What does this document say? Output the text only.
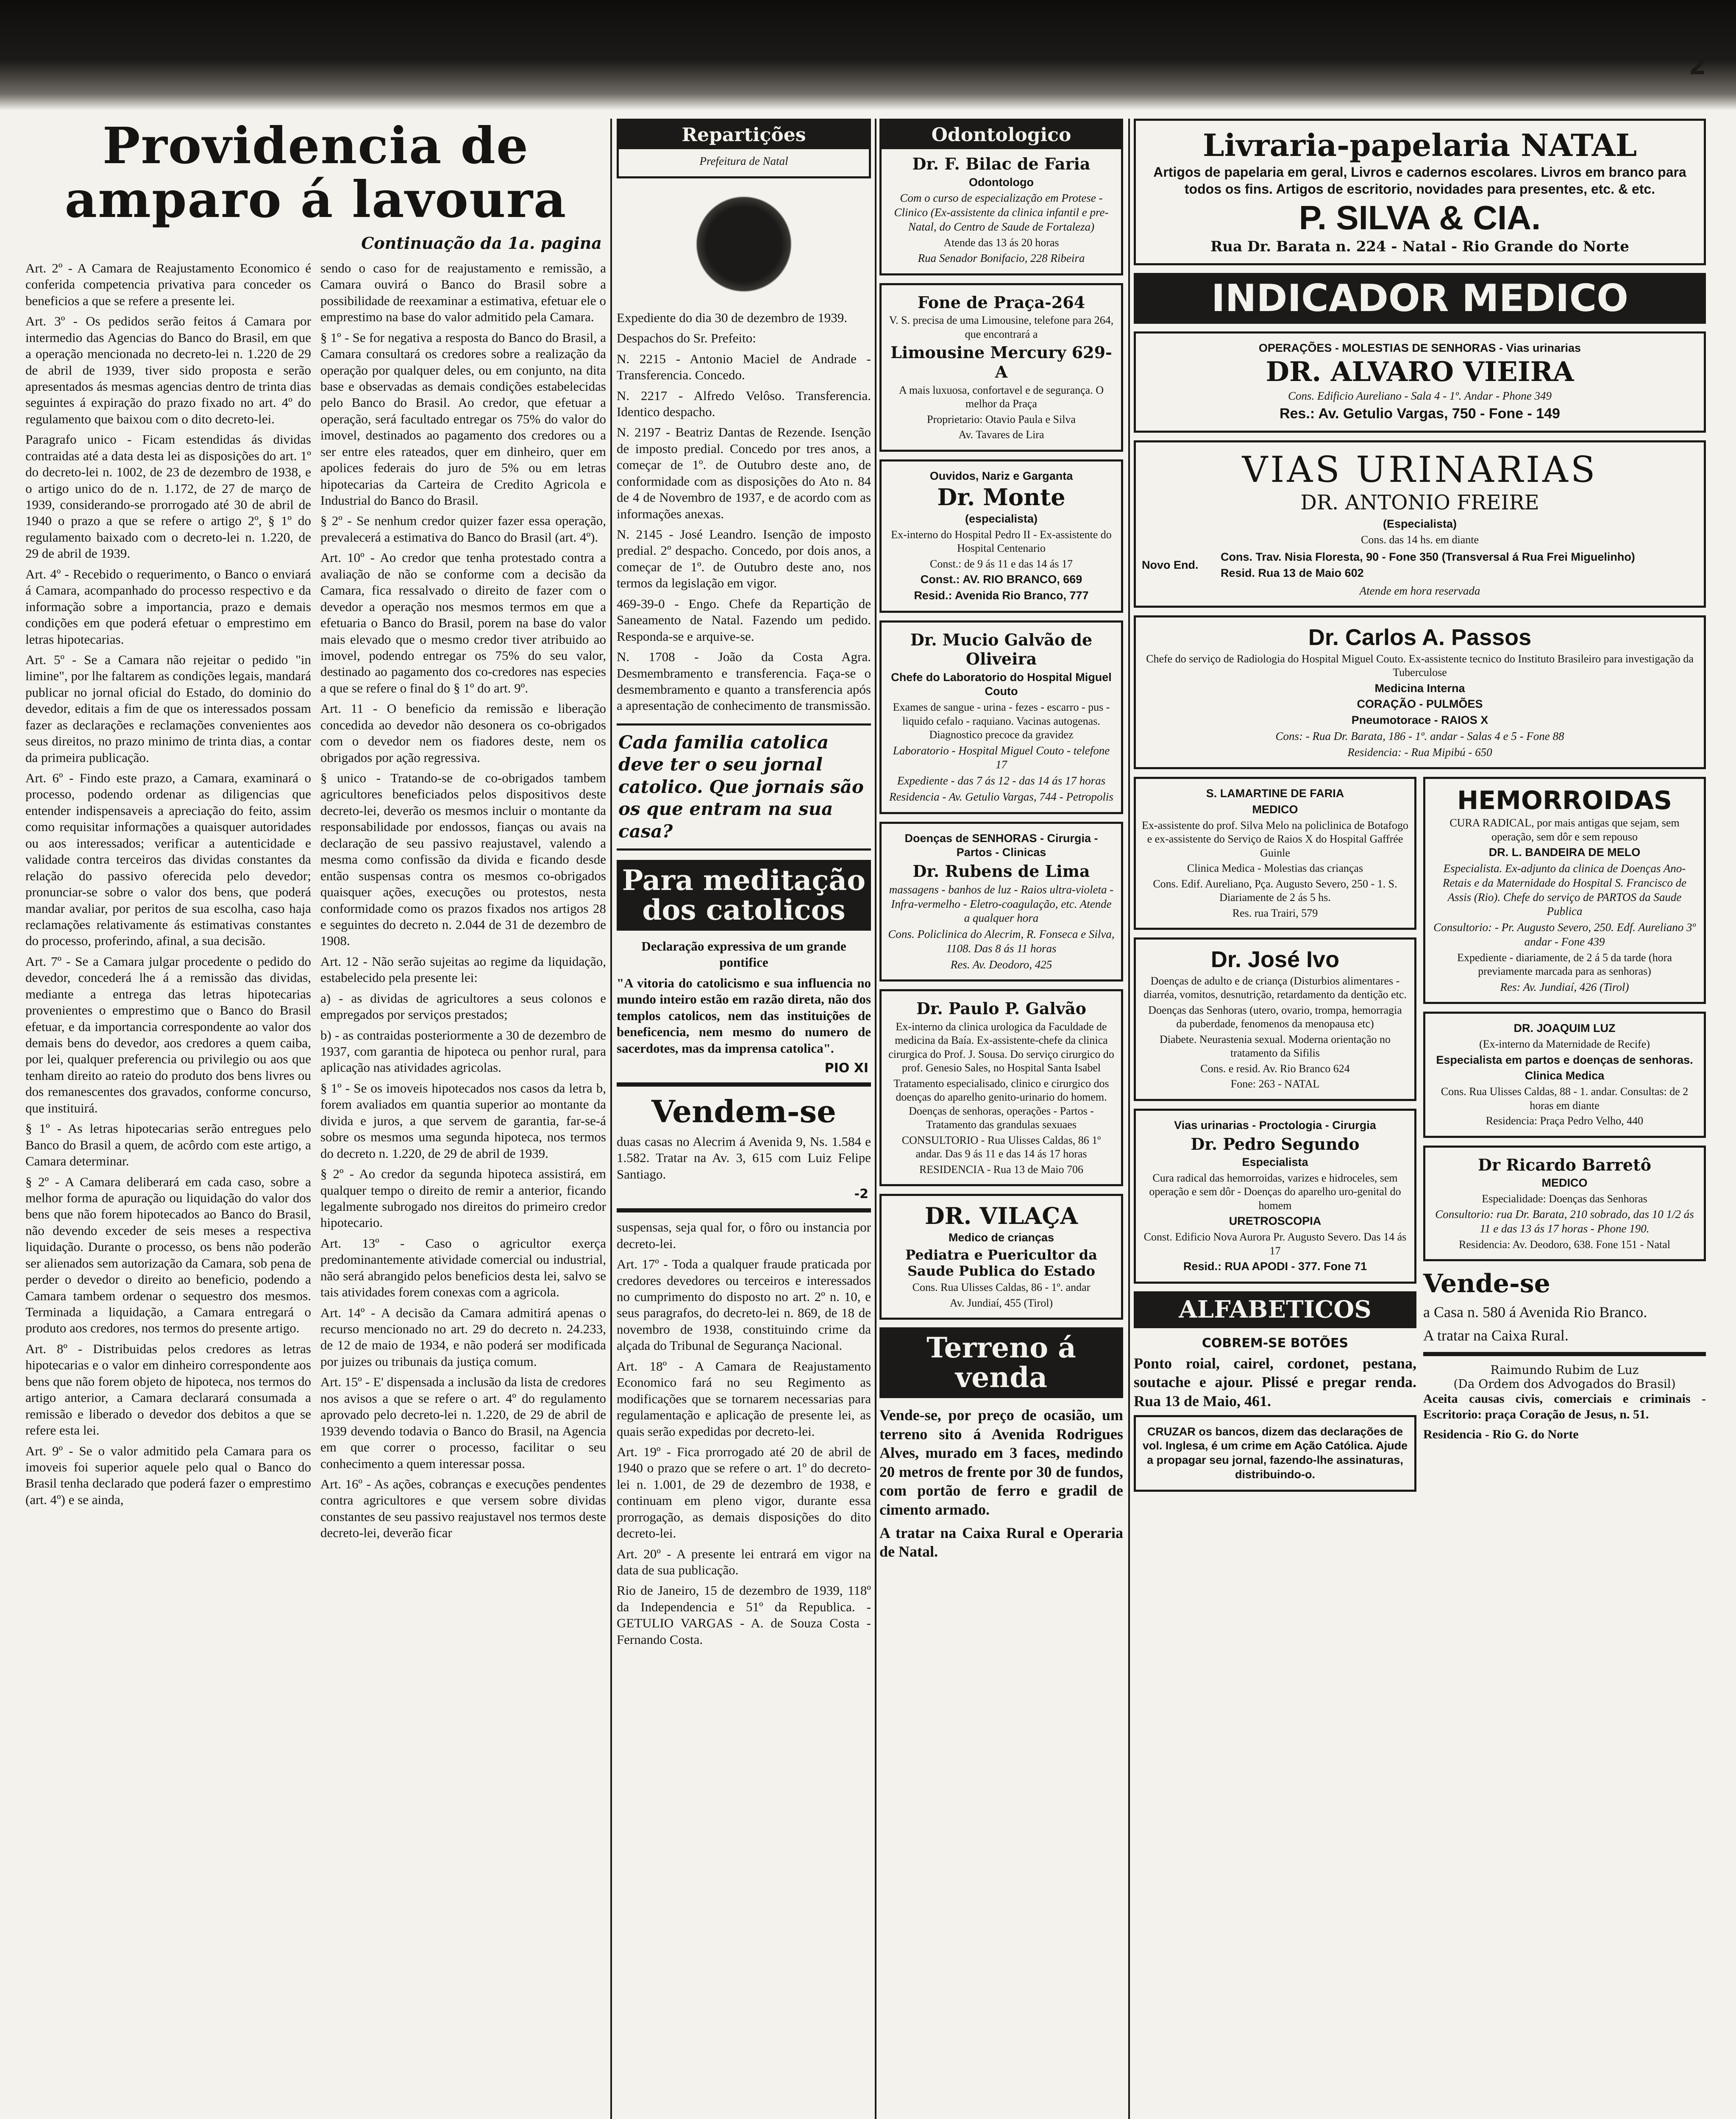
2
Providencia de amparo á lavoura
Continuação da 1a. pagina

Art. 2º - A Camara de Reajustamento Economico é conferida competencia privativa para conceder os beneficios a que se refere a presente lei.

Art. 3º - Os pedidos serão feitos á Camara por intermedio das Agencias do Banco do Brasil, em que a operação mencionada no decreto-lei n. 1.220 de 29 de abril de 1939, tiver sido proposta e serão apresentados ás mesmas agencias dentro de trinta dias seguintes á expiração do prazo fixado no art. 4º do regulamento que baixou com o dito decreto-lei.

Paragrafo unico - Ficam estendidas ás dividas contraidas até a data desta lei as disposições do art. 1º do decreto-lei n. 1002, de 23 de dezembro de 1938, e o artigo unico do de n. 1.172, de 27 de março de 1939, considerando-se prorrogado até 30 de abril de 1940 o prazo a que se refere o artigo 2º, § 1º do regulamento baixado com o decreto-lei n. 1.220, de 29 de abril de 1939.

Art. 4º - Recebido o requerimento, o Banco o enviará á Camara, acompanhado do processo respectivo e da informação sobre a importancia, prazo e demais condições em que poderá efetuar o emprestimo em letras hipotecarias.

Art. 5º - Se a Camara não rejeitar o pedido "in limine", por lhe faltarem as condições legais, mandará publicar no jornal oficial do Estado, do dominio do devedor, editais a fim de que os interessados possam fazer as declarações e reclamações convenientes aos seus direitos, no prazo minimo de trinta dias, a contar da primeira publicação.

Art. 6º - Findo este prazo, a Camara, examinará o processo, podendo ordenar as diligencias que entender indispensaveis a apreciação do feito, assim como requisitar informações a quaisquer autoridades ou aos interessados; verificar a autenticidade e validade contra terceiros das dividas constantes da relação do passivo oferecida pelo devedor; pronunciar-se sobre o valor dos bens, que poderá mandar avaliar, por peritos de sua escolha, caso haja reclamações relativamente ás estimativas constantes do processo, proferindo, afinal, a sua decisão.

Art. 7º - Se a Camara julgar procedente o pedido do devedor, concederá lhe á a remissão das dividas, mediante a entrega das letras hipotecarias provenientes o emprestimo que o Banco do Brasil efetuar, e da importancia correspondente ao valor dos demais bens do devedor, aos credores a quem caiba, por lei, qualquer preferencia ou privilegio ou aos que tenham direito ao rateio do produto dos bens livres ou dos remanescentes dos gravados, conforme concurso, que instituirá.

§ 1º - As letras hipotecarias serão entregues pelo Banco do Brasil a quem, de acôrdo com este artigo, a Camara determinar.

§ 2º - A Camara deliberará em cada caso, sobre a melhor forma de apuração ou liquidação do valor dos bens que não forem hipotecados ao Banco do Brasil, não devendo exceder de seis meses a respectiva liquidação. Durante o processo, os bens não poderão ser alienados sem autorização da Camara, sob pena de perder o devedor o direito ao beneficio, podendo a Camara tambem ordenar o sequestro dos mesmos. Terminada a liquidação, a Camara entregará o produto aos credores, nos termos do presente artigo.

Art. 8º - Distribuidas pelos credores as letras hipotecarias e o valor em dinheiro correspondente aos bens que não forem objeto de hipoteca, nos termos do artigo anterior, a Camara declarará consumada a remissão e liberado o devedor dos debitos a que se refere esta lei.

Art. 9º - Se o valor admitido pela Camara para os imoveis foi superior aquele pelo qual o Banco do Brasil tenha declarado que poderá fazer o emprestimo (art. 4º) e se ainda,

sendo o caso for de reajustamento e remissão, a Camara ouvirá o Banco do Brasil sobre a possibilidade de reexaminar a estimativa, efetuar ele o emprestimo na base do valor admitido pela Camara.

§ 1º - Se for negativa a resposta do Banco do Brasil, a Camara consultará os credores sobre a realização da operação por qualquer deles, ou em conjunto, na dita base e observadas as demais condições estabelecidas pelo Banco do Brasil. Ao credor, que efetuar a operação, será facultado entregar os 75% do valor do imovel, destinados ao pagamento dos credores ou a ser entre eles rateados, quer em dinheiro, quer em apolices federais do juro de 5% ou em letras hipotecarias da Carteira de Credito Agricola e Industrial do Banco do Brasil.

§ 2º - Se nenhum credor quizer fazer essa operação, prevalecerá a estimativa do Banco do Brasil (art. 4º).

Art. 10º - Ao credor que tenha protestado contra a avaliação de não se conforme com a decisão da Camara, fica ressalvado o direito de fazer com o devedor a operação nos mesmos termos em que a efetuaria o Banco do Brasil, porem na base do valor mais elevado que o mesmo credor tiver atribuido ao imovel, podendo entregar os 75% do seu valor, destinado ao pagamento dos co-credores nas especies a que se refere o final do § 1º do art. 9º.

Art. 11 - O beneficio da remissão e liberação concedida ao devedor não desonera os co-obrigados com o devedor nem os fiadores deste, nem os obrigados por ação regressiva.

§ unico - Tratando-se de co-obrigados tambem agricultores beneficiados pelos dispositivos deste decreto-lei, deverão os mesmos incluir o montante da responsabilidade por endossos, fianças ou avais na declaração de seu passivo reajustavel, valendo a mesma como confissão da divida e ficando desde então suspensas contra os mesmos co-obrigados quaisquer ações, execuções ou protestos, nesta conformidade como os prazos fixados nos artigos 28 e seguintes do decreto n. 2.044 de 31 de dezembro de 1908.

Art. 12 - Não serão sujeitas ao regime da liquidação, estabelecido pela presente lei:

a) - as dividas de agricultores a seus colonos e empregados por serviços prestados;

b) - as contraidas posteriormente a 30 de dezembro de 1937, com garantia de hipoteca ou penhor rural, para aplicação nas atividades agricolas.

§ 1º - Se os imoveis hipotecados nos casos da letra b, forem avaliados em quantia superior ao montante da divida e juros, a que servem de garantia, far-se-á sobre os mesmos uma segunda hipoteca, nos termos do decreto n. 1.220, de 29 de abril de 1939.

§ 2º - Ao credor da segunda hipoteca assistirá, em qualquer tempo o direito de remir a anterior, ficando legalmente subrogado nos direitos do primeiro credor hipotecario.

Art. 13º - Caso o agricultor exerça predominantemente atividade comercial ou industrial, não será abrangido pelos beneficios desta lei, salvo se tais atividades forem conexas com a agricola.

Art. 14º - A decisão da Camara admitirá apenas o recurso mencionado no art. 29 do decreto n. 24.233, de 12 de maio de 1934, e não poderá ser modificada por juizes ou tribunais da justiça comum.

Art. 15º - E' dispensada a inclusão da lista de credores nos avisos a que se refere o art. 4º do regulamento aprovado pelo decreto-lei n. 1.220, de 29 de abril de 1939 devendo todavia o Banco do Brasil, na Agencia em que correr o processo, facilitar o seu conhecimento a quem interessar possa.

Art. 16º - As ações, cobranças e execuções pendentes contra agricultores e que versem sobre dividas constantes de seu passivo reajustavel nos termos deste decreto-lei, deverão ficar

Repartições
Prefeitura de Natal

Expediente do dia 30 de dezembro de 1939.

Despachos do Sr. Prefeito:

N. 2215 - Antonio Maciel de Andrade - Transferencia. Concedo.

N. 2217 - Alfredo Velôso. Transferencia. Identico despacho.

N. 2197 - Beatriz Dantas de Rezende. Isenção de imposto predial. Concedo por tres anos, a começar de 1º. de Outubro deste ano, de conformidade com as disposições do Ato n. 84 de 4 de Novembro de 1937, e de acordo com as informações anexas.

N. 2145 - José Leandro. Isenção de imposto predial. 2º despacho. Concedo, por dois anos, a começar de 1º. de Outubro deste ano, nos termos da legislação em vigor.

469-39-0 - Engo. Chefe da Repartição de Saneamento de Natal. Fazendo um pedido. Responda-se e arquive-se.

N. 1708 - João da Costa Agra. Desmembramento e transferencia. Faça-se o desmembramento e quanto a transferencia após a apresentação de conhecimento de transmissão.

Cada familia catolica deve ter o seu jornal catolico. Que jornais são os que entram na sua casa?
Para meditação dos catolicos

Declaração expressiva de um grande pontifice

"A vitoria do catolicismo e sua influencia no mundo inteiro estão em razão direta, não dos templos catolicos, nem das instituições de beneficencia, nem mesmo do numero de sacerdotes, mas da imprensa catolica".

PIO XI
Vendem-se

duas casas no Alecrim á Avenida 9, Ns. 1.584 e 1.582. Tratar na Av. 3, 615 com Luiz Felipe Santiago.

-2

suspensas, seja qual for, o fôro ou instancia por decreto-lei.

Art. 17º - Toda a qualquer fraude praticada por credores devedores ou terceiros e interessados no cumprimento do disposto no art. 2º n. 10, e seus paragrafos, do decreto-lei n. 869, de 18 de novembro de 1938, constituindo crime da alçada do Tribunal de Segurança Nacional.

Art. 18º - A Camara de Reajustamento Economico fará no seu Regimento as modificações que se tornarem necessarias para regulamentação e aplicação de presente lei, as quais serão expedidas por decreto-lei.

Art. 19º - Fica prorrogado até 20 de abril de 1940 o prazo que se refere o art. 1º do decreto-lei n. 1.001, de 29 de dezembro de 1938, e continuam em pleno vigor, durante essa prorrogação, as demais disposições do dito decreto-lei.

Art. 20º - A presente lei entrará em vigor na data de sua publicação.

Rio de Janeiro, 15 de dezembro de 1939, 118º da Independencia e 51º da Republica. - GETULIO VARGAS - A. de Souza Costa - Fernando Costa.

Odontologico
Dr. F. Bilac de Faria
Odontologo
Com o curso de especialização em Protese - Clinico (Ex-assistente da clinica infantil e pre-Natal, do Centro de Saude de Fortaleza)
Atende das 13 ás 20 horas
Rua Senador Bonifacio, 228 Ribeira
Fone de Praça-264
V. S. precisa de uma Limousine, telefone para 264, que encontrará a
Limousine Mercury 629-A
A mais luxuosa, confortavel e de segurança. O melhor da Praça
Proprietario: Otavio Paula e Silva
Av. Tavares de Lira
Ouvidos, Nariz e Garganta
Dr. Monte
(especialista)
Ex-interno do Hospital Pedro II - Ex-assistente do Hospital Centenario
Const.: de 9 ás 11 e das 14 ás 17
Const.: AV. RIO BRANCO, 669
Resid.: Avenida Rio Branco, 777
Dr. Mucio Galvão de Oliveira
Chefe do Laboratorio do Hospital Miguel Couto
Exames de sangue - urina - fezes - escarro - pus - liquido cefalo - raquiano. Vacinas autogenas. Diagnostico precoce da gravidez
Laboratorio - Hospital Miguel Couto - telefone 17
Expediente - das 7 ás 12 - das 14 ás 17 horas
Residencia - Av. Getulio Vargas, 744 - Petropolis
Doenças de SENHORAS - Cirurgia - Partos - Clinicas
Dr. Rubens de Lima
massagens - banhos de luz - Raios ultra-violeta - Infra-vermelho - Eletro-coagulação, etc. Atende a qualquer hora
Cons. Policlinica do Alecrim, R. Fonseca e Silva, 1108. Das 8 ás 11 horas
Res. Av. Deodoro, 425
Dr. Paulo P. Galvão
Ex-interno da clinica urologica da Faculdade de medicina da Baía. Ex-assistente-chefe da clinica cirurgica do Prof. J. Sousa. Do serviço cirurgico do prof. Genesio Sales, no Hospital Santa Isabel
Tratamento especialisado, clinico e cirurgico dos doenças do aparelho genito-urinario do homem. Doenças de senhoras, operações - Partos - Tratamento das grandulas sexuaes
CONSULTORIO - Rua Ulisses Caldas, 86 1º andar. Das 9 ás 11 e das 14 ás 17 horas
RESIDENCIA - Rua 13 de Maio 706
DR. VILAÇA
Medico de crianças
Pediatra e Puericultor da Saude Publica do Estado
Cons. Rua Ulisses Caldas, 86 - 1º. andar
Av. Jundiaí, 455 (Tirol)
Terreno á venda

Vende-se, por preço de ocasião, um terreno sito á Avenida Rodrigues Alves, murado em 3 faces, medindo 20 metros de frente por 30 de fundos, com portão de ferro e gradil de cimento armado.

A tratar na Caixa Rural e Operaria de Natal.

Livraria-papelaria NATAL
Artigos de papelaria em geral, Livros e cadernos escolares. Livros em branco para todos os fins. Artigos de escritorio, novidades para presentes, etc. & etc.
P. SILVA & CIA.
Rua Dr. Barata n. 224 - Natal - Rio Grande do Norte
INDICADOR MEDICO
OPERAÇÕES - MOLESTIAS DE SENHORAS - Vias urinarias
DR. ALVARO VIEIRA
Cons. Edificio Aureliano - Sala 4 - 1º. Andar - Phone 349
Res.: Av. Getulio Vargas, 750 - Fone - 149
VIAS URINARIAS
DR. ANTONIO FREIRE
(Especialista)
Cons. das 14 hs. em diante
Novo End.
Cons. Trav. Nisia Floresta, 90 - Fone 350 (Transversal á Rua Frei Miguelinho)
Resid. Rua 13 de Maio 602
Atende em hora reservada
Dr. Carlos A. Passos
Chefe do serviço de Radiologia do Hospital Miguel Couto. Ex-assistente tecnico do Instituto Brasileiro para investigação da Tuberculose
Medicina Interna
CORAÇÃO - PULMÕES
Pneumotorace - RAIOS X
Cons: - Rua Dr. Barata, 186 - 1º. andar - Salas 4 e 5 - Fone 88
Residencia: - Rua Mipibú - 650
S. LAMARTINE DE FARIA
MEDICO
Ex-assistente do prof. Silva Melo na policlinica de Botafogo e ex-assistente do Serviço de Raios X do Hospital Gaffrée Guinle
Clinica Medica - Molestias das crianças
Cons. Edif. Aureliano, Pça. Augusto Severo, 250 - 1. S. Diariamente de 2 ás 5 hs.
Res. rua Trairi, 579
Dr. José Ivo
Doenças de adulto e de criança (Disturbios alimentares - diarréa, vomitos, desnutrição, retardamento da dentição etc.
Doenças das Senhoras (utero, ovario, trompa, hemorragia da puberdade, fenomenos da menopausa etc)
Diabete. Neurastenia sexual. Moderna orientação no tratamento da Sifilis
Cons. e resid. Av. Rio Branco 624
Fone: 263 - NATAL
Vias urinarias - Proctologia - Cirurgia
Dr. Pedro Segundo
Especialista
Cura radical das hemorroidas, varizes e hidroceles, sem operação e sem dôr - Doenças do aparelho uro-genital do homem
URETROSCOPIA
Const. Edificio Nova Aurora Pr. Augusto Severo. Das 14 ás 17
Resid.: RUA APODI - 377. Fone 71
ALFABETICOS
COBREM-SE BOTÕES

Ponto roial, cairel, cordonet, pestana, soutache e ajour. Plissé e pregar renda. Rua 13 de Maio, 461.

CRUZAR os bancos, dizem das declarações de vol. Inglesa, é um crime em Ação Católica. Ajude a propagar seu jornal, fazendo-lhe assinaturas, distribuindo-o.
HEMORROIDAS
CURA RADICAL, por mais antigas que sejam, sem operação, sem dôr e sem repouso
DR. L. BANDEIRA DE MELO
Especialista. Ex-adjunto da clinica de Doenças Ano-Retais e da Maternidade do Hospital S. Francisco de Assis (Rio). Chefe do serviço de PARTOS da Saude Publica
Consultorio: - Pr. Augusto Severo, 250. Edf. Aureliano 3º andar - Fone 439
Expediente - diariamente, de 2 á 5 da tarde (hora previamente marcada para as senhoras)
Res: Av. Jundiaí, 426 (Tirol)
DR. JOAQUIM LUZ
(Ex-interno da Maternidade de Recife)
Especialista em partos e doenças de senhoras.
Clinica Medica
Cons. Rua Ulisses Caldas, 88 - 1. andar. Consultas: de 2 horas em diante
Residencia: Praça Pedro Velho, 440
Dr Ricardo Barretô
MEDICO
Especialidade: Doenças das Senhoras
Consultorio: rua Dr. Barata, 210 sobrado, das 10 1/2 ás 11 e das 13 ás 17 horas - Phone 190.
Residencia: Av. Deodoro, 638. Fone 151 - Natal
Vende-se

a Casa n. 580 á Avenida Rio Branco.

A tratar na Caixa Rural.

Raimundo Rubim de Luz
(Da Ordem dos Advogados do Brasil)

Aceita causas civis, comerciais e criminais - Escritorio: praça Coração de Jesus, n. 51.

Residencia - Rio G. do Norte
